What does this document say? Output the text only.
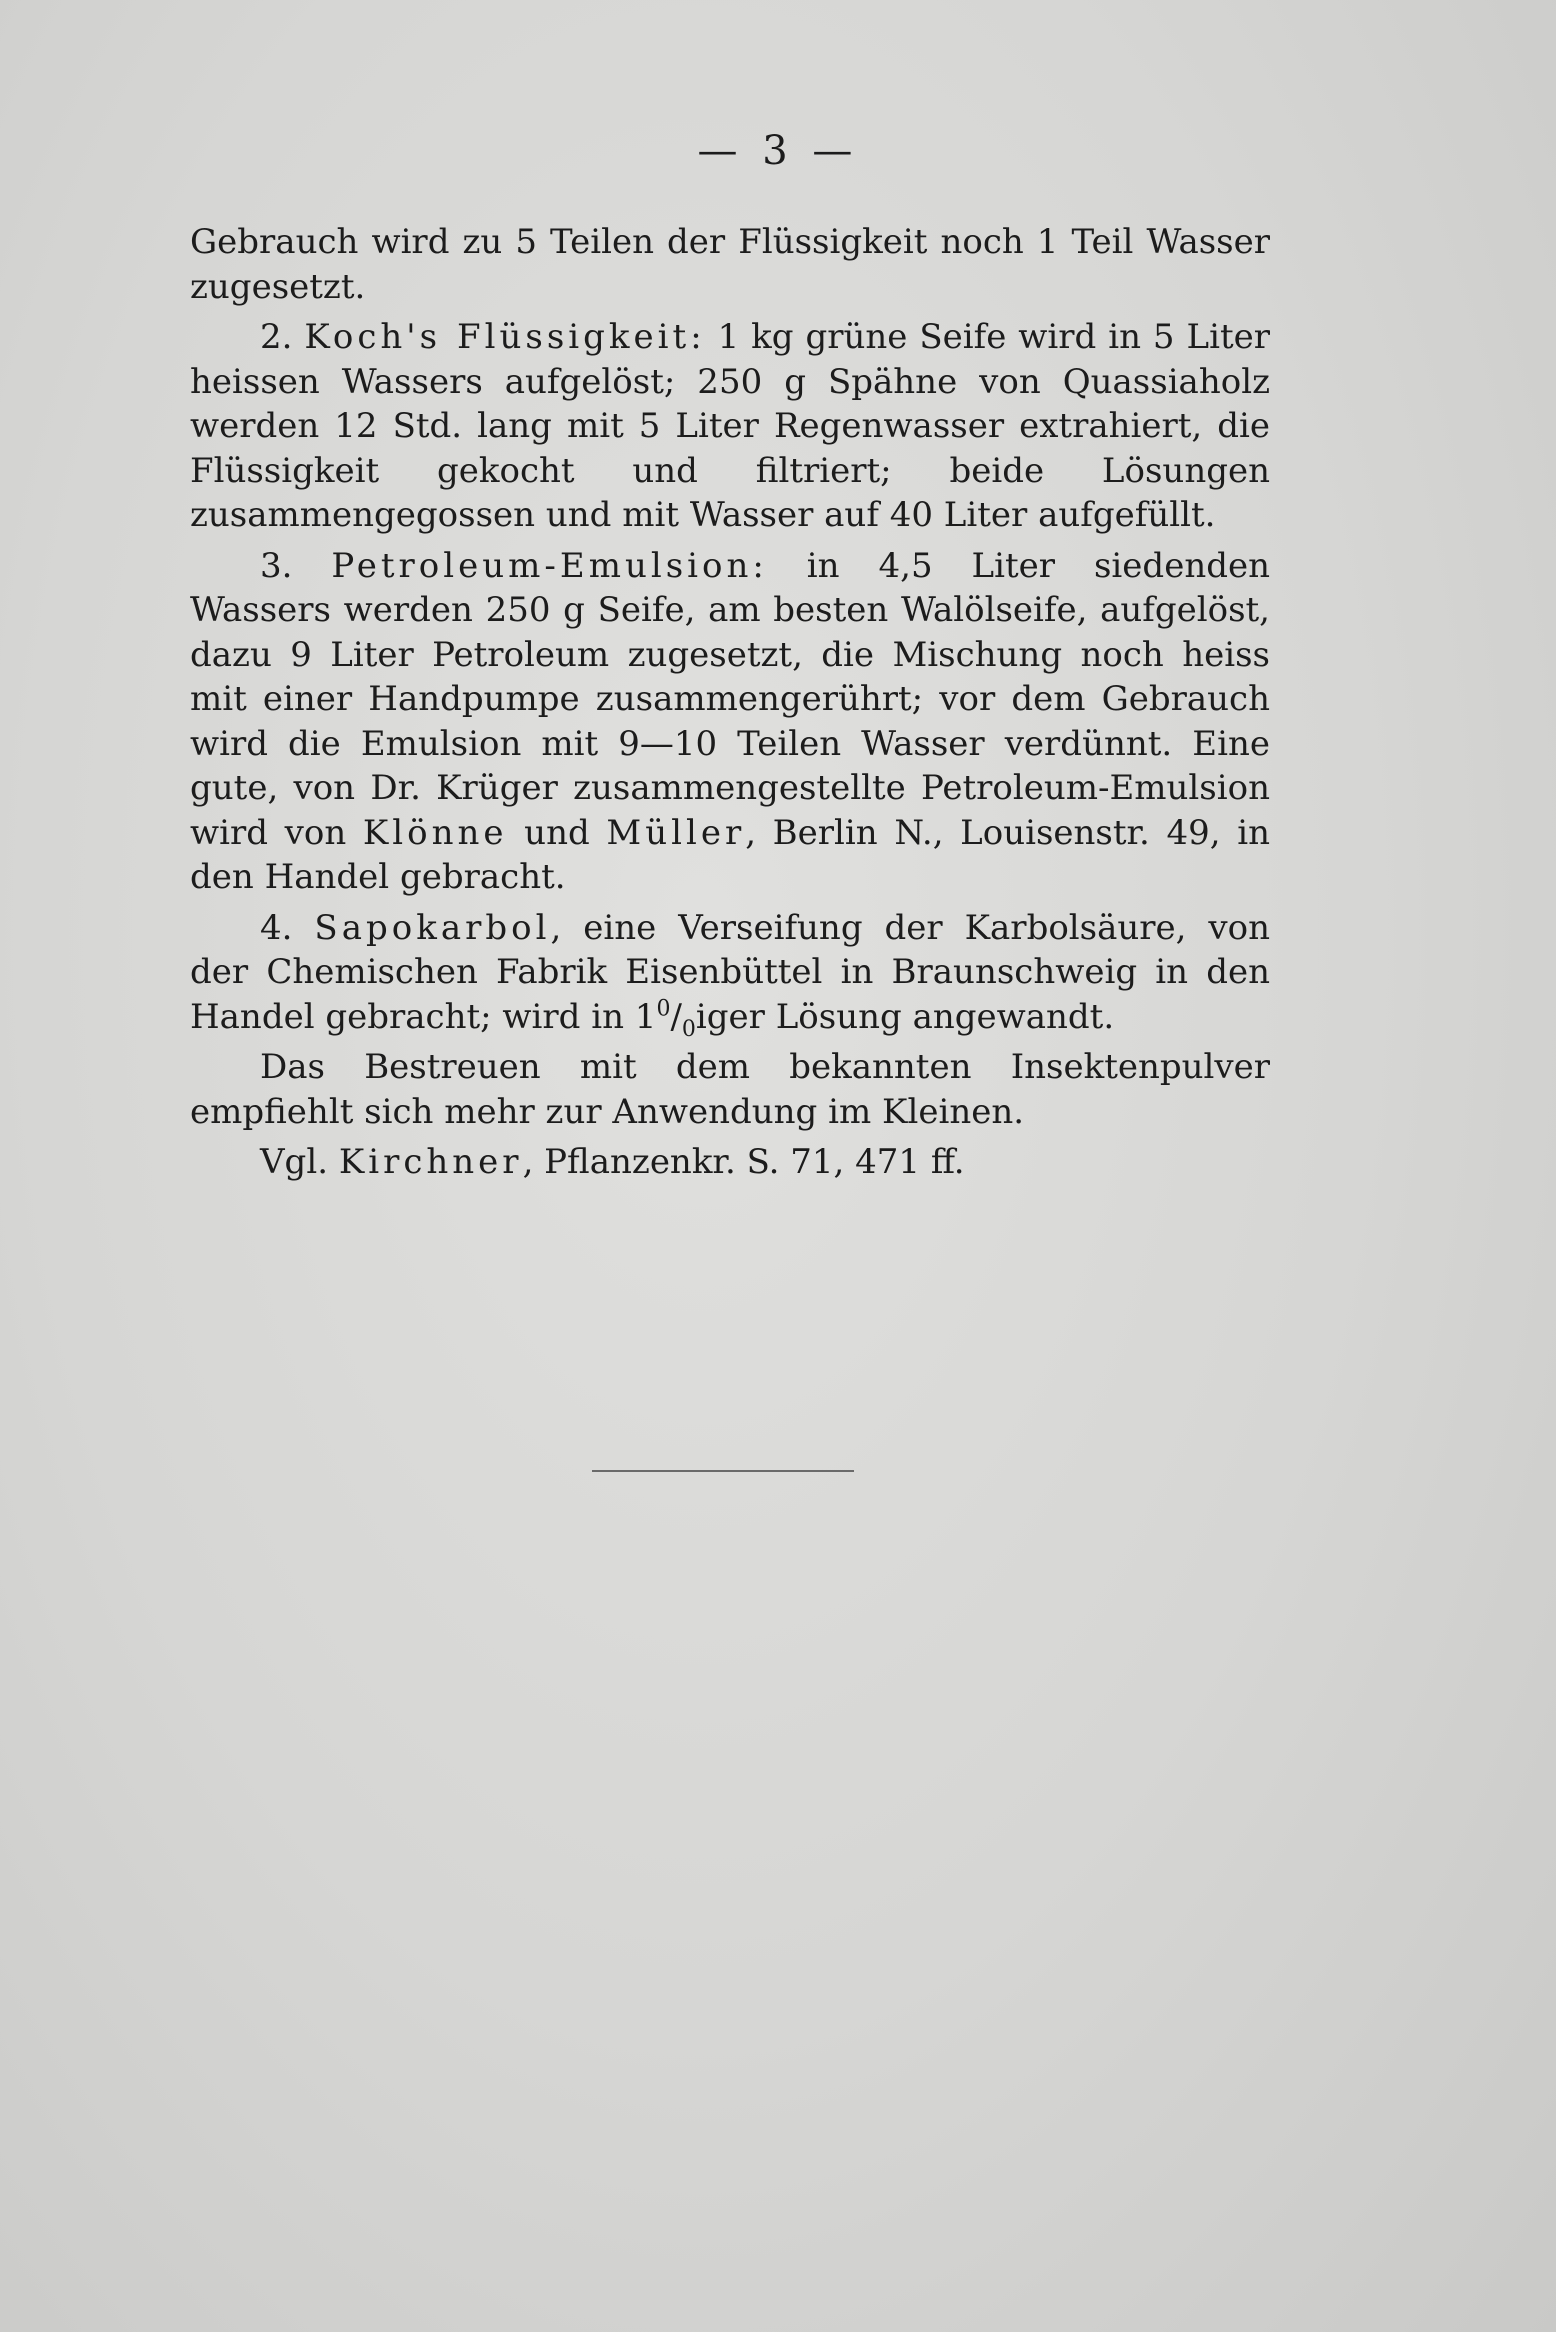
— 3 —

Gebrauch wird zu 5 Teilen der Flüssigkeit noch 1 Teil Wasser zugesetzt.

2. Koch's Flüssigkeit: 1 kg grüne Seife wird in 5 Liter heissen Wassers aufgelöst; 250 g Spähne von Quassiaholz werden 12 Std. lang mit 5 Liter Regenwasser extrahiert, die Flüssigkeit gekocht und filtriert; beide Lösungen zusammengegossen und mit Wasser auf 40 Liter aufgefüllt.

3. Petroleum-Emulsion: in 4,5 Liter siedenden Wassers werden 250 g Seife, am besten Walölseife, aufgelöst, dazu 9 Liter Petroleum zugesetzt, die Mischung noch heiss mit einer Handpumpe zusammengerührt; vor dem Gebrauch wird die Emulsion mit 9—10 Teilen Wasser verdünnt. Eine gute, von Dr. Krüger zusammengestellte Petroleum-Emulsion wird von Klönne und Müller, Berlin N., Louisenstr. 49, in den Handel gebracht.

4. Sapokarbol, eine Verseifung der Karbolsäure, von der Chemischen Fabrik Eisenbüttel in Braunschweig in den Handel gebracht; wird in $1^0/_0iger$ Lösung angewandt.

Das Bestreuen mit dem bekannten Insektenpulver empfiehlt sich mehr zur Anwendung im Kleinen.

Vgl. Kirchner, Pflanzenkr. S. 71, 471 ff.
